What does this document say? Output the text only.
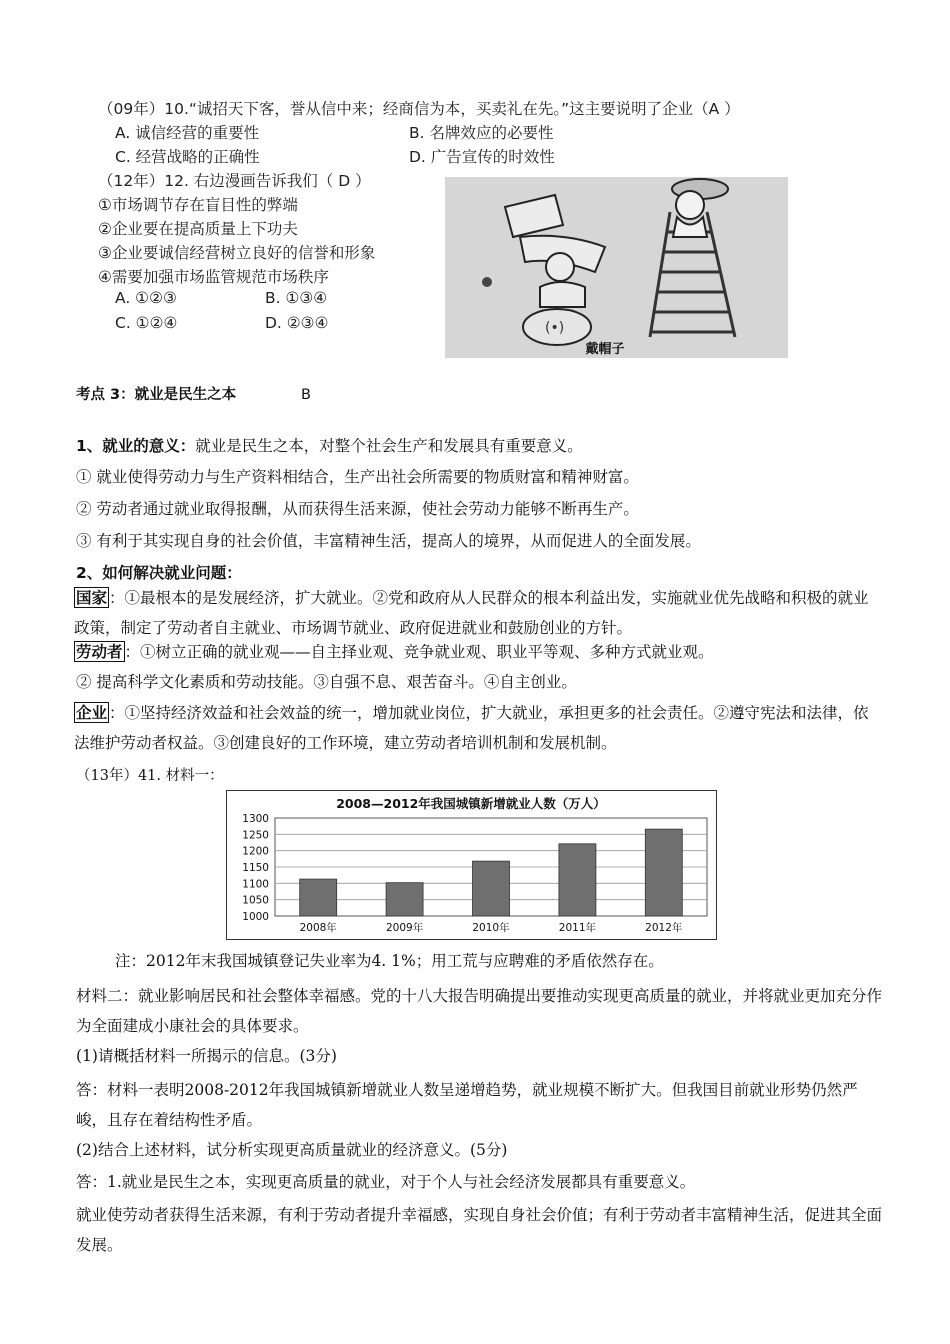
（09年）10.“诚招天下客，誉从信中来；经商信为本，买卖礼在先。”这主要说明了企业（A ）
A. 诚信经营的重要性	B. 名牌效应的必要性
C. 经营战略的正确性	D. 广告宣传的时效性
（12年）12. 右边漫画告诉我们（ D ）
①市场调节存在盲目性的弊端
②企业要在提高质量上下功夫
③企业要诚信经营树立良好的信誉和形象
④需要加强市场监管规范市场秩序
A. ①②③	B. ①③④
C. ①②④	D. ②③④	(•)
戴帽子
考点 3：就业是民生之本	B
1、就业的意义：就业是民生之本，对整个社会生产和发展具有重要意义。
① 就业使得劳动力与生产资料相结合，生产出社会所需要的物质财富和精神财富。
② 劳动者通过就业取得报酬，从而获得生活来源，使社会劳动力能够不断再生产。
③ 有利于其实现自身的社会价值，丰富精神生活，提高人的境界，从而促进人的全面发展。
2、如何解决就业问题：
国家 ：①最根本的是发展经济，扩大就业。②党和政府从人民群众的根本利益出发，实施就业优先战略和积极的就业政策，制定了劳动者自主就业、市场调节就业、政府促进就业和鼓励创业的方针。
劳动者 ：①树立正确的就业观——自主择业观、竞争就业观、职业平等观、多种方式就业观。
② 提高科学文化素质和劳动技能。③自强不息、艰苦奋斗。④自主创业。
企业 ：①坚持经济效益和社会效益的统一，增加就业岗位，扩大就业，承担更多的社会责任。②遵守宪法和法律，依法维护劳动者权益。③创建良好的工作环境，建立劳动者培训机制和发展机制。
（13年）41. 材料一：
2008—2012年我国城镇新增就业人数（万人）
1000
1050
1100
1150
1200
1250
1300
2008年	2009年	2010年	2011年	2012年
注：2012年末我国城镇登记失业率为4. 1%；用工荒与应聘难的矛盾依然存在。
材料二：就业影响居民和社会整体幸福感。党的十八大报告明确提出要推动实现更高质量的就业，并将就业更加充分作为全面建成小康社会的具体要求。
(1)请概括材料一所揭示的信息。(3分)
答：材料一表明2008-2012年我国城镇新增就业人数呈递增趋势，就业规模不断扩大。但我国目前就业形势仍然严峻，且存在着结构性矛盾。
(2)结合上述材料，试分析实现更高质量就业的经济意义。(5分)
答：1.就业是民生之本，实现更高质量的就业，对于个人与社会经济发展都具有重要意义。
就业使劳动者获得生活来源，有利于劳动者提升幸福感，实现自身社会价值；有利于劳动者丰富精神生活，促进其全面发展。
